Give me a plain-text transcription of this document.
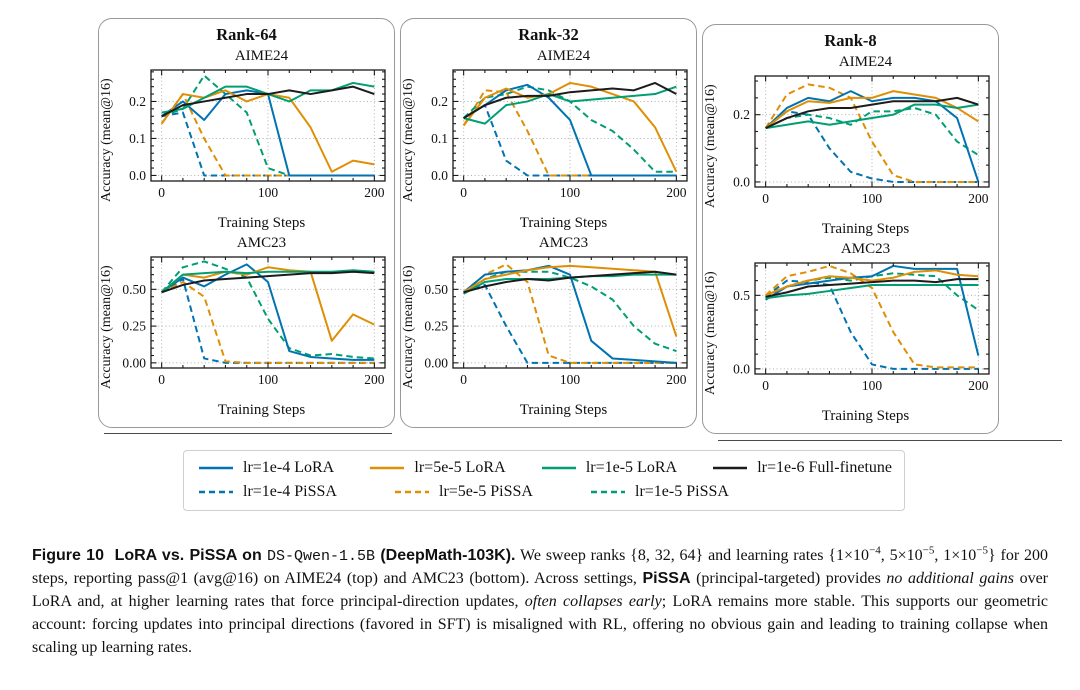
Rank-64
AIME24
Accuracy (mean@16)	0	100	200
0.0
0.1
0.2
Training Steps
AMC23
Accuracy (mean@16)	0	100	200
0.00
0.25
0.50
Training Steps
Rank-32
AIME24
Accuracy (mean@16)	0	100	200
0.0
0.1
0.2
Training Steps
AMC23
Accuracy (mean@16)	0	100	200
0.00
0.25
0.50
Training Steps
Rank-8
AIME24
Accuracy (mean@16)	0	100	200
0.0
0.2
Training Steps
AMC23
Accuracy (mean@16)	0	100	200
0.0
0.5
Training Steps
lr=1e-4 LoRA	lr=5e-5 LoRA	lr=1e-5 LoRA	lr=1e-6 Full-finetune
lr=1e-4 PiSSA	lr=5e-5 PiSSA	lr=1e-5 PiSSA

Figure 10  LoRA vs. PiSSA on DS-Qwen-1.5B (DeepMath-103K). We sweep ranks {8, 32, 64} and learning rates {$1\times 10^{-4}$, $5\times 10^{-5}$, $1\times 10^{-5}$} for 200 steps, reporting pass@1 (avg@16) on AIME24 (top) and AMC23 (bottom). Across settings, PiSSA (principal-targeted) provides no additional gains over LoRA and, at higher learning rates that force principal-direction updates, often collapses early; LoRA remains more stable. This supports our geometric account: forcing updates into principal directions (favored in SFT) is misaligned with RL, offering no obvious gain and leading to training collapse when scaling up learning rates.
